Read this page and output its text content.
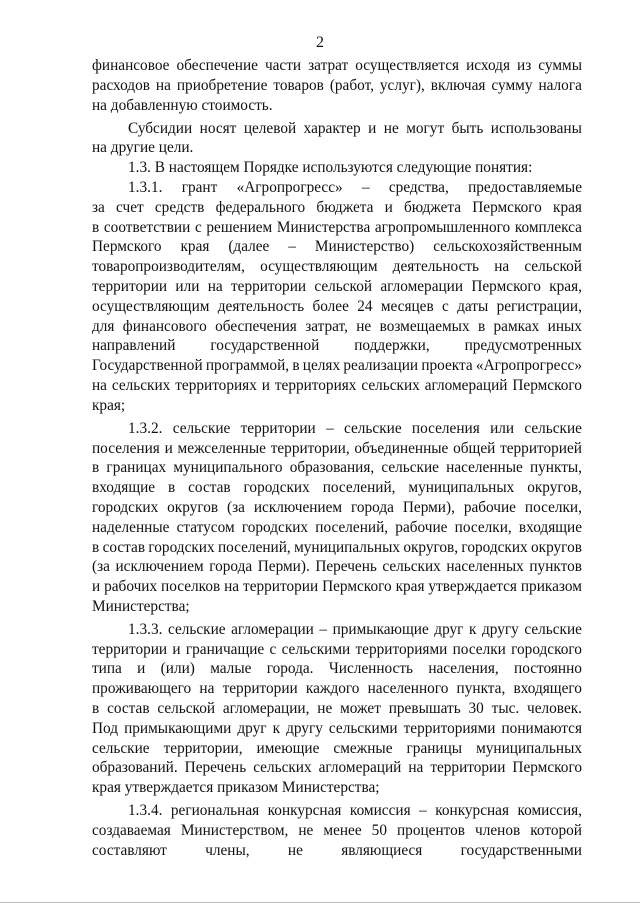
2
финансовое обеспечение части затрат осуществляется исходя из суммы
расходов на приобретение товаров (работ, услуг), включая сумму налога
на добавленную стоимость.
Субсидии носят целевой характер и не могут быть использованы
на другие цели.
1.3. В настоящем Порядке используются следующие понятия:
1.3.1. грант «Агропрогресс» – средства, предоставляемые
за счет средств федерального бюджета и бюджета Пермского края
в соответствии с решением Министерства агропромышленного комплекса
Пермского края (далее – Министерство) сельскохозяйственным
товаропроизводителям, осуществляющим деятельность на сельской
территории или на территории сельской агломерации Пермского края,
осуществляющим деятельность более 24 месяцев с даты регистрации,
для финансового обеспечения затрат, не возмещаемых в рамках иных
направлений государственной поддержки, предусмотренных
Государственной программой, в целях реализации проекта «Агропрогресс»
на сельских территориях и территориях сельских агломераций Пермского
края;
1.3.2. сельские территории – сельские поселения или сельские
поселения и межселенные территории, объединенные общей территорией
в границах муниципального образования, сельские населенные пункты,
входящие в состав городских поселений, муниципальных округов,
городских округов (за исключением города Перми), рабочие поселки,
наделенные статусом городских поселений, рабочие поселки, входящие
в состав городских поселений, муниципальных округов, городских округов
(за исключением города Перми). Перечень сельских населенных пунктов
и рабочих поселков на территории Пермского края утверждается приказом
Министерства;
1.3.3. сельские агломерации – примыкающие друг к другу сельские
территории и граничащие с сельскими территориями поселки городского
типа и (или) малые города. Численность населения, постоянно
проживающего на территории каждого населенного пункта, входящего
в состав сельской агломерации, не может превышать 30 тыс. человек.
Под примыкающими друг к другу сельскими территориями понимаются
сельские территории, имеющие смежные границы муниципальных
образований. Перечень сельских агломераций на территории Пермского
края утверждается приказом Министерства;
1.3.4. региональная конкурсная комиссия – конкурсная комиссия,
создаваемая Министерством, не менее 50 процентов членов которой
составляют	члены,	не	являющиеся	государственными
